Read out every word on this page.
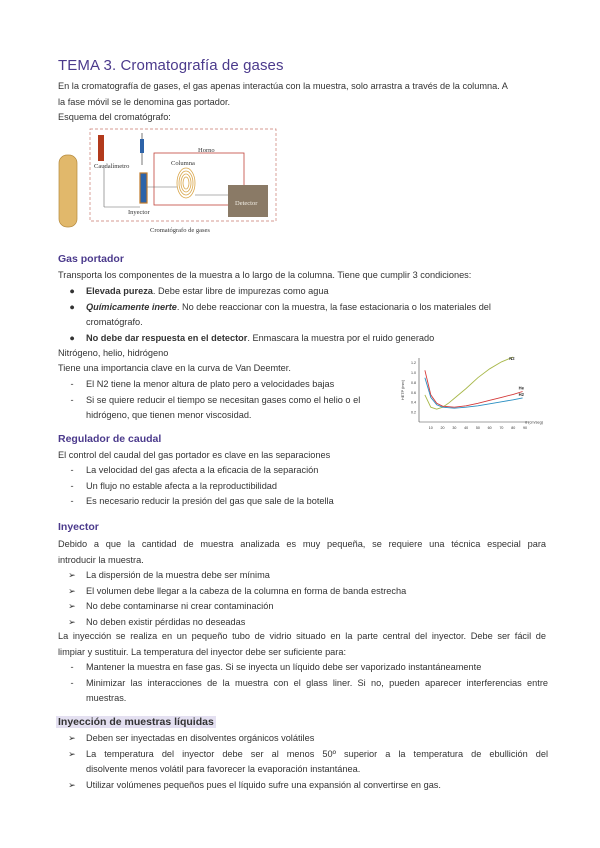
TEMA 3. Cromatografía de gases
En la cromatografía de gases, el gas apenas interactúa con la muestra, solo arrastra a través de la columna. A
la fase móvil se le denomina gas portador.
Esquema del cromatógrafo:
Caudalímetro
Inyector
Horno
Columna
Detector
Cromatógrafo de gases
Gas portador
Transporta los componentes de la muestra a lo largo de la columna. Tiene que cumplir 3 condiciones:
●	Elevada pureza. Debe estar libre de impurezas como agua
●	Químicamente inerte. No debe reaccionar con la muestra, la fase estacionaria o los materiales del
cromatógrafo.
●	No debe dar respuesta en el detector. Enmascara la muestra por el ruido generado
Nitrógeno, helio, hidrógeno
Tiene una importancia clave en la curva de Van Deemter.
-	El N2 tiene la menor altura de plato pero a velocidades bajas
-	Si se quiere reducir el tiempo se necesitan gases como el helio o el
hidrógeno, que tienen menor viscosidad.
10 20 30 40 50 60 70 80 90
1.2
1.0
0.8
0.6
0.4
0.2
ū (cm/seg)
HETP (mm)
N2
He
H2
Regulador de caudal
El control del caudal del gas portador es clave en las separaciones
-	La velocidad del gas afecta a la eficacia de la separación
-	Un flujo no estable afecta a la reproductibilidad
-	Es necesario reducir la presión del gas que sale de la botella
Inyector
Debido a que la cantidad de muestra analizada es muy pequeña, se requiere una técnica especial para
introducir la muestra.
➢	La dispersión de la muestra debe ser mínima
➢	El volumen debe llegar a la cabeza de la columna en forma de banda estrecha
➢	No debe contaminarse ni crear contaminación
➢	No deben existir pérdidas no deseadas
La inyección se realiza en un pequeño tubo de vidrio situado en la parte central del inyector. Debe ser fácil de
limpiar y sustituir. La temperatura del inyector debe ser suficiente para:
-	Mantener la muestra en fase gas. Si se inyecta un líquido debe ser vaporizado instantáneamente
-	Minimizar las interacciones de la muestra con el glass liner. Si no, pueden aparecer interferencias entre
muestras.
Inyección de muestras líquidas
➢	Deben ser inyectadas en disolventes orgánicos volátiles
➢	La temperatura del inyector debe ser al menos 50º superior a la temperatura de ebullición del
disolvente menos volátil para favorecer la evaporación instantánea.
➢	Utilizar volúmenes pequeños pues el líquido sufre una expansión al convertirse en gas.
